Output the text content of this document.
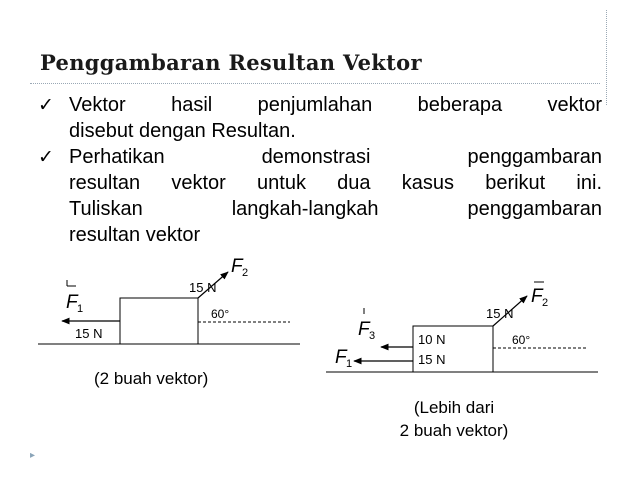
Penggambaran Resultan Vektor
✓ Vektor hasil penjumlahan beberapa vektor
disebut dengan Resultan.
✓ Perhatikan demonstrasi penggambaran
resultan vektor untuk dua kasus berikut ini.
Tuliskan langkah-langkah penggambaran
resultan vektor
F 1
F 2
15 N
15 N
60°
F 2
F 3
F 1
15 N
10 N
15 N
60°
(2 buah vektor)
(Lebih dari
2 buah vektor)
▸
